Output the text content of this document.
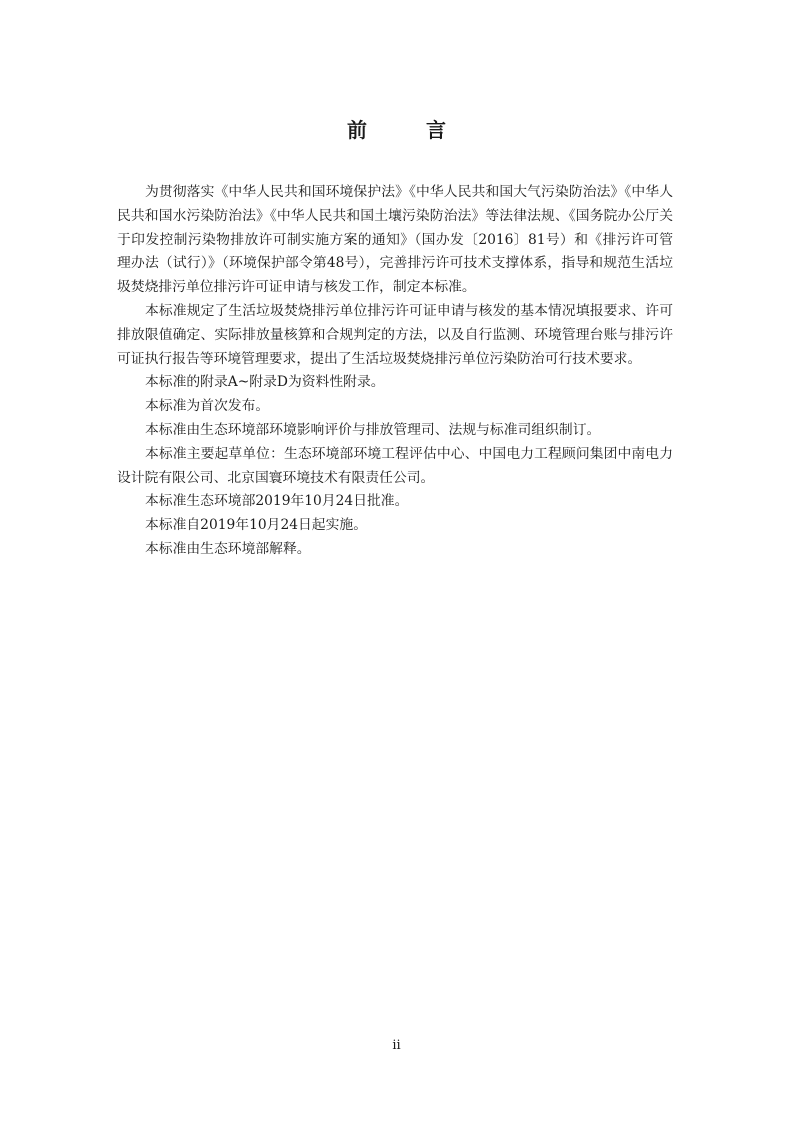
前 言

为贯彻落实《中华人民共和国环境保护法》《中华人民共和国大气污染防治法》《中华人民共和国水污染防治法》《中华人民共和国土壤污染防治法》等法律法规、《国务院办公厅关于印发控制污染物排放许可制实施方案的通知》（国办发〔2016〕81号）和《排污许可管理办法（试行）》（环境保护部令第48号），完善排污许可技术支撑体系，指导和规范生活垃圾焚烧排污单位排污许可证申请与核发工作，制定本标准。

本标准规定了生活垃圾焚烧排污单位排污许可证申请与核发的基本情况填报要求、许可排放限值确定、实际排放量核算和合规判定的方法，以及自行监测、环境管理台账与排污许可证执行报告等环境管理要求，提出了生活垃圾焚烧排污单位污染防治可行技术要求。

本标准的附录A~附录D为资料性附录。

本标准为首次发布。

本标准由生态环境部环境影响评价与排放管理司、法规与标准司组织制订。

本标准主要起草单位：生态环境部环境工程评估中心、中国电力工程顾问集团中南电力设计院有限公司、北京国寰环境技术有限责任公司。

本标准生态环境部2019年10月24日批准。

本标准自2019年10月24日起实施。

本标准由生态环境部解释。

ii
